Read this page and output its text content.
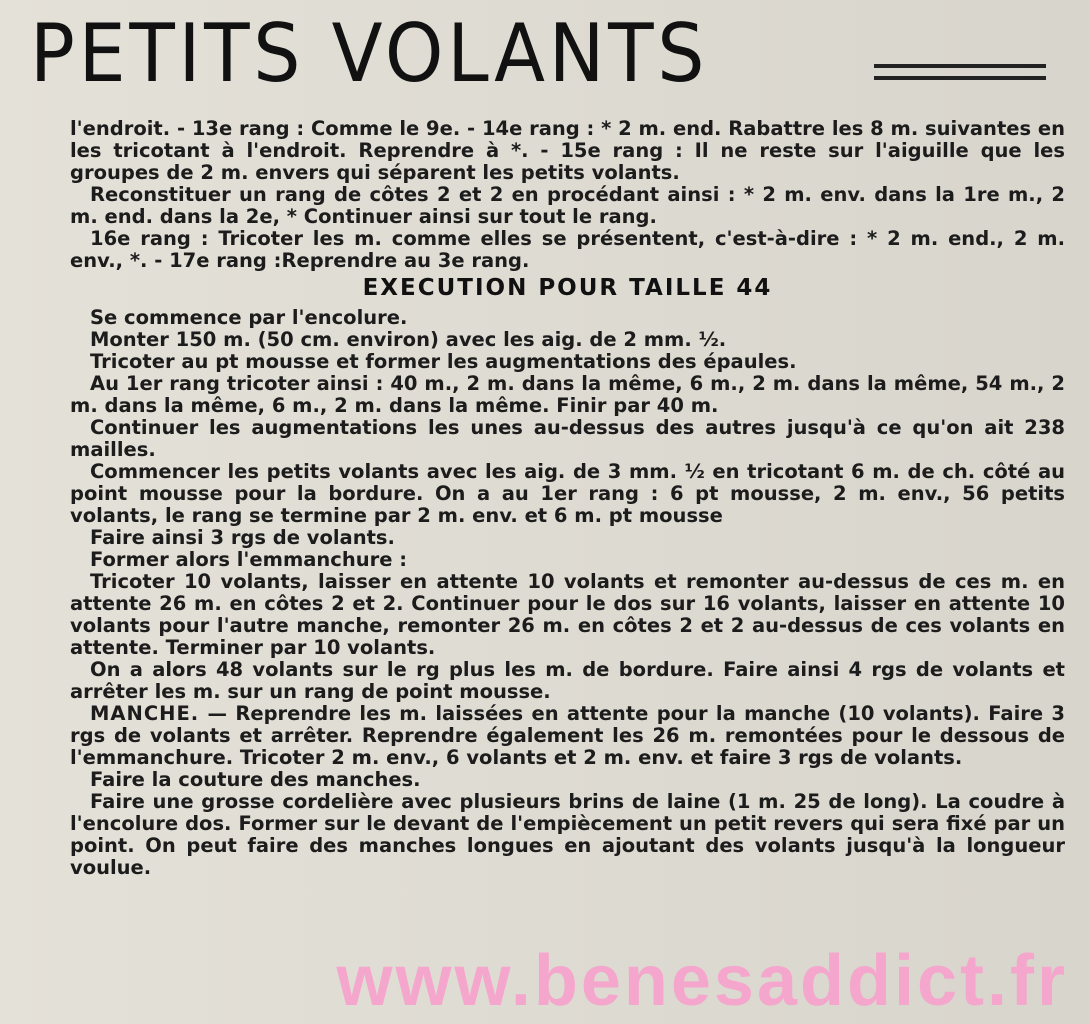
PETITS VOLANTS

l'endroit. - 13e rang : Comme le 9e. - 14e rang : * 2 m. end. Rabattre les 8 m. suivantes en les tricotant à l'endroit. Reprendre à *. - 15e rang : Il ne reste sur l'aiguille que les groupes de 2 m. envers qui séparent les petits volants.

Reconstituer un rang de côtes 2 et 2 en procédant ainsi : * 2 m. env. dans la 1re m., 2 m. end. dans la 2e, * Continuer ainsi sur tout le rang.

16e rang : Tricoter les m. comme elles se présentent, c'est-à-dire : * 2 m. end., 2 m. env., *. - 17e rang :Reprendre au 3e rang.

EXECUTION POUR TAILLE 44

Se commence par l'encolure.

Monter 150 m. (50 cm. environ) avec les aig. de 2 mm. ½.

Tricoter au pt mousse et former les augmentations des épaules.

Au 1er rang tricoter ainsi : 40 m., 2 m. dans la même, 6 m., 2 m. dans la même, 54 m., 2 m. dans la même, 6 m., 2 m. dans la même. Finir par 40 m.

Continuer les augmentations les unes au-dessus des autres jusqu'à ce qu'on ait 238 mailles.

Commencer les petits volants avec les aig. de 3 mm. ½ en tricotant 6 m. de ch. côté au point mousse pour la bordure. On a au 1er rang : 6 pt mousse, 2 m. env., 56 petits volants, le rang se termine par 2 m. env. et 6 m. pt mousse

Faire ainsi 3 rgs de volants.

Former alors l'emmanchure :

Tricoter 10 volants, laisser en attente 10 volants et remonter au-dessus de ces m. en attente 26 m. en côtes 2 et 2. Continuer pour le dos sur 16 volants, laisser en attente 10 volants pour l'autre manche, remonter 26 m. en côtes 2 et 2 au-dessus de ces volants en attente. Terminer par 10 volants.

On a alors 48 volants sur le rg plus les m. de bordure. Faire ainsi 4 rgs de volants et arrêter les m. sur un rang de point mousse.

MANCHE. — Reprendre les m. laissées en attente pour la manche (10 volants). Faire 3 rgs de volants et arrêter. Reprendre également les 26 m. remontées pour le dessous de l'emmanchure. Tricoter 2 m. env., 6 volants et 2 m. env. et faire 3 rgs de volants.

Faire la couture des manches.

Faire une grosse cordelière avec plusieurs brins de laine (1 m. 25 de long). La coudre à l'encolure dos. Former sur le devant de l'empiècement un petit revers qui sera fixé par un point. On peut faire des manches longues en ajoutant des volants jusqu'à la longueur voulue.

www.benesaddict.fr
